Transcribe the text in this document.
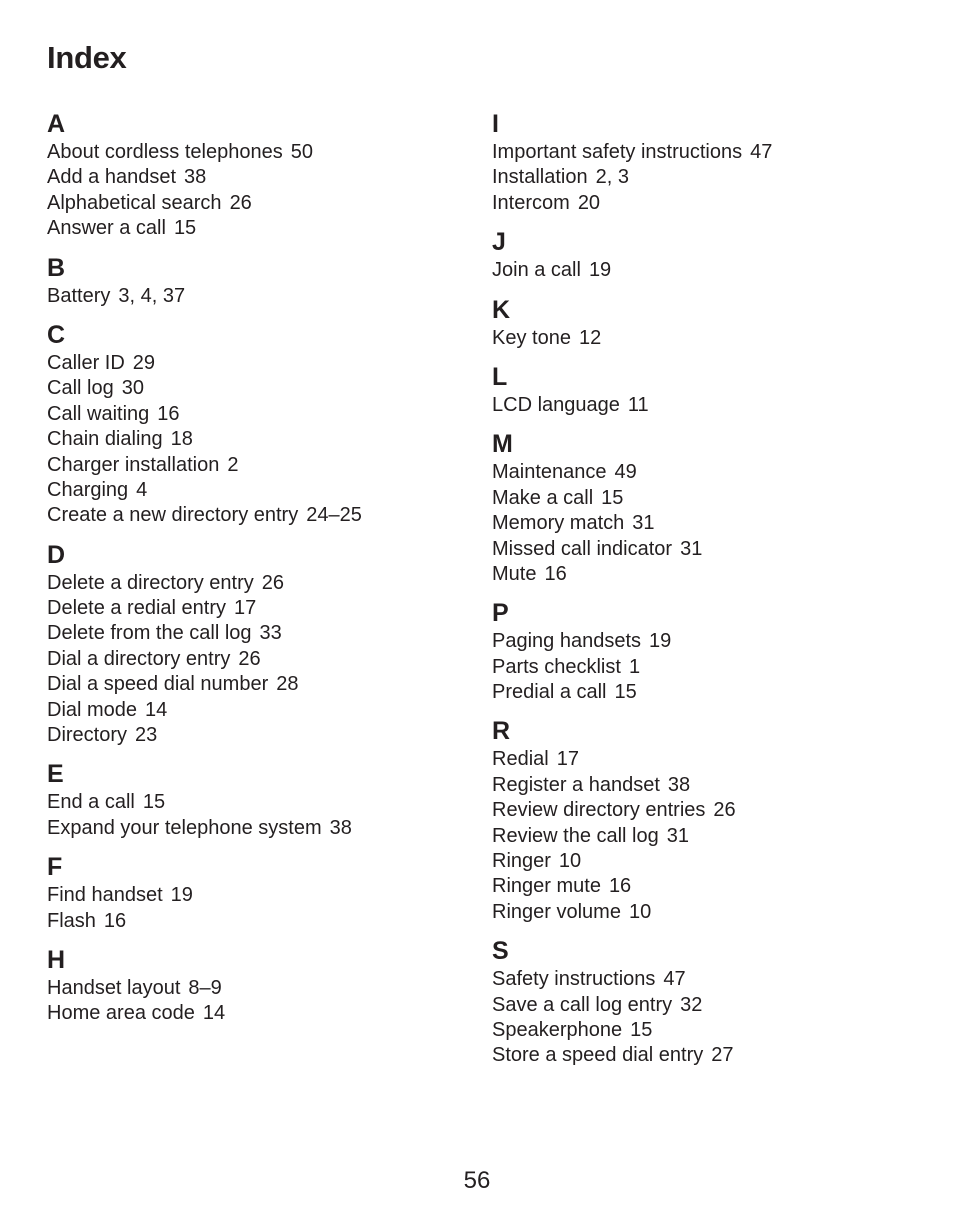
Index
A
About cordless telephones 50
Add a handset 38
Alphabetical search 26
Answer a call 15
B
Battery 3, 4, 37
C
Caller ID 29
Call log 30
Call waiting 16
Chain dialing 18
Charger installation 2
Charging 4
Create a new directory entry 24–25
D
Delete a directory entry 26
Delete a redial entry 17
Delete from the call log 33
Dial a directory entry 26
Dial a speed dial number 28
Dial mode 14
Directory 23
E
End a call 15
Expand your telephone system 38
F
Find handset 19
Flash 16
H
Handset layout 8–9
Home area code 14
I
Important safety instructions 47
Installation 2, 3
Intercom 20
J
Join a call 19
K
Key tone 12
L
LCD language 11
M
Maintenance 49
Make a call 15
Memory match 31
Missed call indicator 31
Mute 16
P
Paging handsets 19
Parts checklist 1
Predial a call 15
R
Redial 17
Register a handset 38
Review directory entries 26
Review the call log 31
Ringer 10
Ringer mute 16
Ringer volume 10
S
Safety instructions 47
Save a call log entry 32
Speakerphone 15
Store a speed dial entry 27
56
